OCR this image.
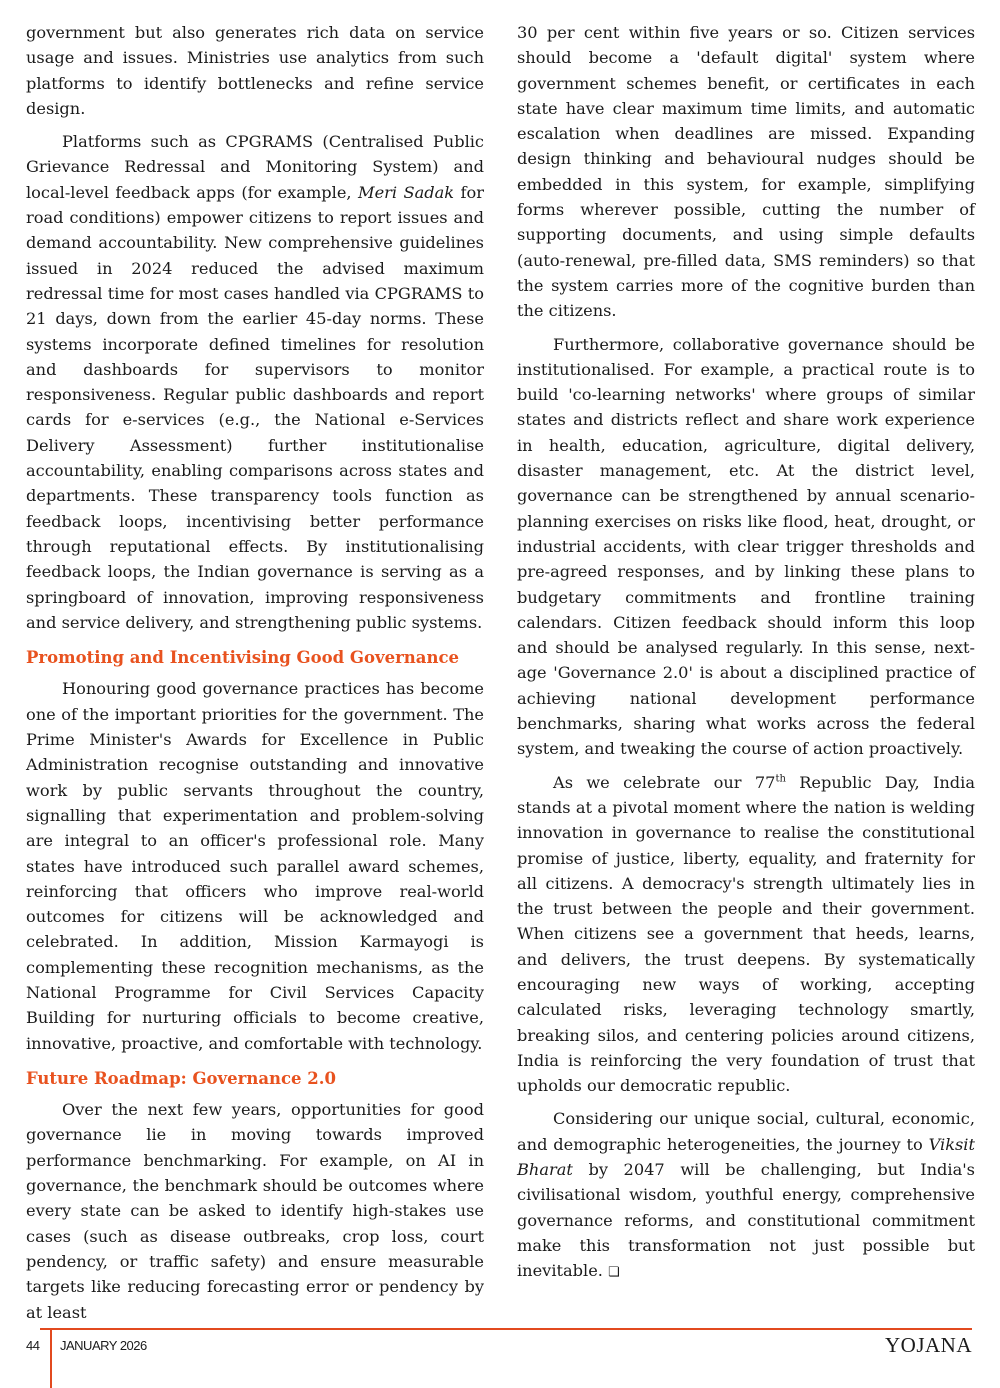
government but also generates rich data on service usage and issues. Ministries use analytics from such platforms to identify bottlenecks and refine service design.

Platforms such as CPGRAMS (Centralised Public Grievance Redressal and Monitoring System) and local-level feedback apps (for example, Meri Sadak for road conditions) empower citizens to report issues and demand accountability. New comprehensive guidelines issued in 2024 reduced the advised maximum redressal time for most cases handled via CPGRAMS to 21 days, down from the earlier 45-day norms. These systems incorporate defined timelines for resolution and dashboards for supervisors to monitor responsiveness. Regular public dashboards and report cards for e-services (e.g., the National e-Services Delivery Assessment) further institutionalise accountability, enabling comparisons across states and departments. These transparency tools function as feedback loops, incentivising better performance through reputational effects. By institutionalising feedback loops, the Indian governance is serving as a springboard of innovation, improving responsiveness and service delivery, and strengthening public systems.

Promoting and Incentivising Good Governance

Honouring good governance practices has become one of the important priorities for the government. The Prime Minister's Awards for Excellence in Public Administration recognise outstanding and innovative work by public servants throughout the country, signalling that experimentation and problem-solving are integral to an officer's professional role. Many states have introduced such parallel award schemes, reinforcing that officers who improve real-world outcomes for citizens will be acknowledged and celebrated. In addition, Mission Karmayogi is complementing these recognition mechanisms, as the National Programme for Civil Services Capacity Building for nurturing officials to become creative, innovative, proactive, and comfortable with technology.

Future Roadmap: Governance 2.0

Over the next few years, opportunities for good governance lie in moving towards improved performance benchmarking. For example, on AI in governance, the benchmark should be outcomes where every state can be asked to identify high-stakes use cases (such as disease outbreaks, crop loss, court pendency, or traffic safety) and ensure measurable targets like reducing forecasting error or pendency by at least

30 per cent within five years or so. Citizen services should become a 'default digital' system where government schemes benefit, or certificates in each state have clear maximum time limits, and automatic escalation when deadlines are missed. Expanding design thinking and behavioural nudges should be embedded in this system, for example, simplifying forms wherever possible, cutting the number of supporting documents, and using simple defaults (auto-renewal, pre-filled data, SMS reminders) so that the system carries more of the cognitive burden than the citizens.

Furthermore, collaborative governance should be institutionalised. For example, a practical route is to build 'co-learning networks' where groups of similar states and districts reflect and share work experience in health, education, agriculture, digital delivery, disaster management, etc. At the district level, governance can be strengthened by annual scenario-planning exercises on risks like flood, heat, drought, or industrial accidents, with clear trigger thresholds and pre-agreed responses, and by linking these plans to budgetary commitments and frontline training calendars. Citizen feedback should inform this loop and should be analysed regularly. In this sense, next-age 'Governance 2.0' is about a disciplined practice of achieving national development performance benchmarks, sharing what works across the federal system, and tweaking the course of action proactively.

As we celebrate our 77th Republic Day, India stands at a pivotal moment where the nation is welding innovation in governance to realise the constitutional promise of justice, liberty, equality, and fraternity for all citizens. A democracy's strength ultimately lies in the trust between the people and their government. When citizens see a government that heeds, learns, and delivers, the trust deepens. By systematically encouraging new ways of working, accepting calculated risks, leveraging technology smartly, breaking silos, and centering policies around citizens, India is reinforcing the very foundation of trust that upholds our democratic republic.

Considering our unique social, cultural, economic, and demographic heterogeneities, the journey to Viksit Bharat by 2047 will be challenging, but India's civilisational wisdom, youthful energy, comprehensive governance reforms, and constitutional commitment make this transformation not just possible but inevitable. ❏

44 JANUARY 2026	YOJANA
